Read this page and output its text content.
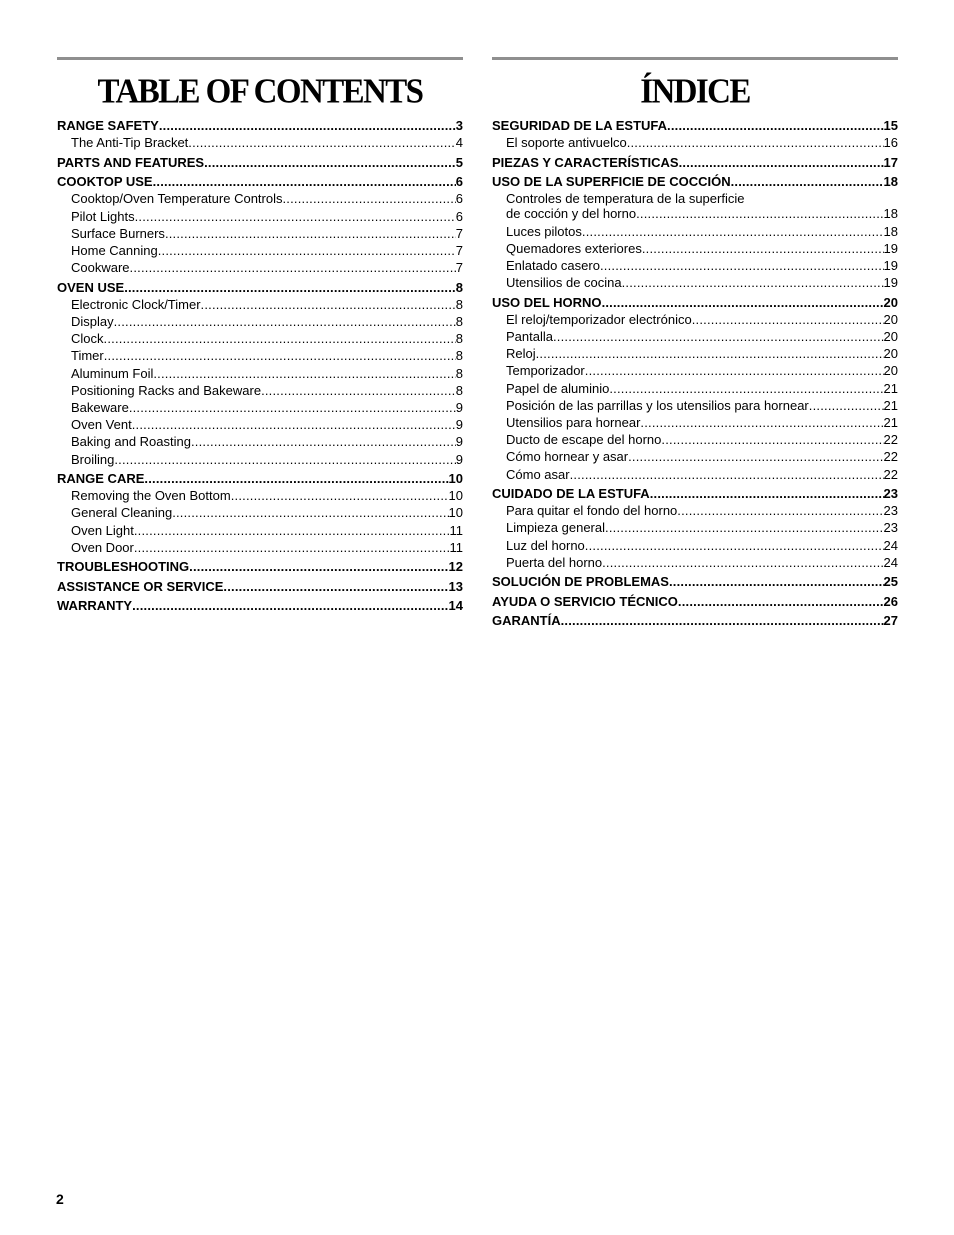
TABLE OF CONTENTS
RANGE SAFETY .....	3
The Anti-Tip Bracket .....	4
PARTS AND FEATURES .....	5
COOKTOP USE .....	6
Cooktop/Oven Temperature Controls .....	6
Pilot Lights .....	6
Surface Burners .....	7
Home Canning .....	7
Cookware .....	7
OVEN USE .....	8
Electronic Clock/Timer .....	8
Display .....	8
Clock .....	8
Timer .....	8
Aluminum Foil .....	8
Positioning Racks and Bakeware .....	8
Bakeware .....	9
Oven Vent .....	9
Baking and Roasting .....	9
Broiling .....	9
RANGE CARE .....	10
Removing the Oven Bottom .....	10
General Cleaning .....	10
Oven Light .....	11
Oven Door .....	11
TROUBLESHOOTING .....	12
ASSISTANCE OR SERVICE .....	13
WARRANTY .....	14
ÍNDICE
SEGURIDAD DE LA ESTUFA .....	15
El soporte antivuelco .....	16
PIEZAS Y CARACTERÍSTICAS .....	17
USO DE LA SUPERFICIE DE COCCIÓN .....	18
Controles de temperatura de la superficie
de cocción y del horno .....	18
Luces pilotos .....	18
Quemadores exteriores .....	19
Enlatado casero .....	19
Utensilios de cocina .....	19
USO DEL HORNO .....	20
El reloj/temporizador electrónico .....	20
Pantalla .....	20
Reloj .....	20
Temporizador .....	20
Papel de aluminio .....	21
Posición de las parrillas y los utensilios para hornear .....	21
Utensilios para hornear .....	21
Ducto de escape del horno .....	22
Cómo hornear y asar .....	22
Cómo asar .....	22
CUIDADO DE LA ESTUFA .....	23
Para quitar el fondo del horno .....	23
Limpieza general .....	23
Luz del horno .....	24
Puerta del horno .....	24
SOLUCIÓN DE PROBLEMAS .....	25
AYUDA O SERVICIO TÉCNICO .....	26
GARANTÍA .....	27
2
